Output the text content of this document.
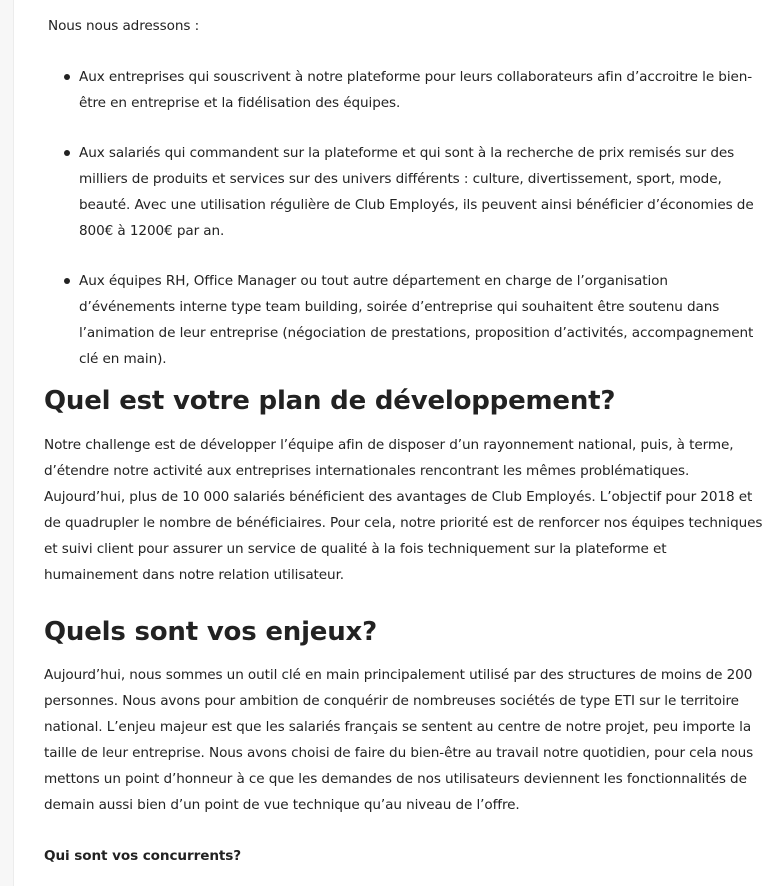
Nous nous adressons :

Aux entreprises qui souscrivent à notre plateforme pour leurs collaborateurs afin d’accroitre le bien-être en entreprise et la fidélisation des équipes.
Aux salariés qui commandent sur la plateforme et qui sont à la recherche de prix remisés sur des milliers de produits et services sur des univers différents : culture, divertissement, sport, mode, beauté. Avec une utilisation régulière de Club Employés, ils peuvent ainsi bénéficier d’économies de 800€ à 1200€ par an.
Aux équipes RH, Office Manager ou tout autre département en charge de l’organisation d’événements interne type team building, soirée d’entreprise qui souhaitent être soutenu dans l’animation de leur entreprise (négociation de prestations, proposition d’activités, accompagnement clé en main).
Quel est votre plan de développement?

Notre challenge est de développer l’équipe afin de disposer d’un rayonnement national, puis, à terme, d’étendre notre activité aux entreprises internationales rencontrant les mêmes problématiques. Aujourd’hui, plus de 10 000 salariés bénéficient des avantages de Club Employés. L’objectif pour 2018 et de quadrupler le nombre de bénéficiaires. Pour cela, notre priorité est de renforcer nos équipes techniques et suivi client pour assurer un service de qualité à la fois techniquement sur la plateforme et humainement dans notre relation utilisateur.

Quels sont vos enjeux?

Aujourd’hui, nous sommes un outil clé en main principalement utilisé par des structures de moins de 200 personnes. Nous avons pour ambition de conquérir de nombreuses sociétés de type ETI sur le territoire national. L’enjeu majeur est que les salariés français se sentent au centre de notre projet, peu importe la taille de leur entreprise. Nous avons choisi de faire du bien-être au travail notre quotidien, pour cela nous mettons un point d’honneur à ce que les demandes de nos utilisateurs deviennent les fonctionnalités de demain aussi bien d’un point de vue technique qu’au niveau de l’offre.

Qui sont vos concurrents?
